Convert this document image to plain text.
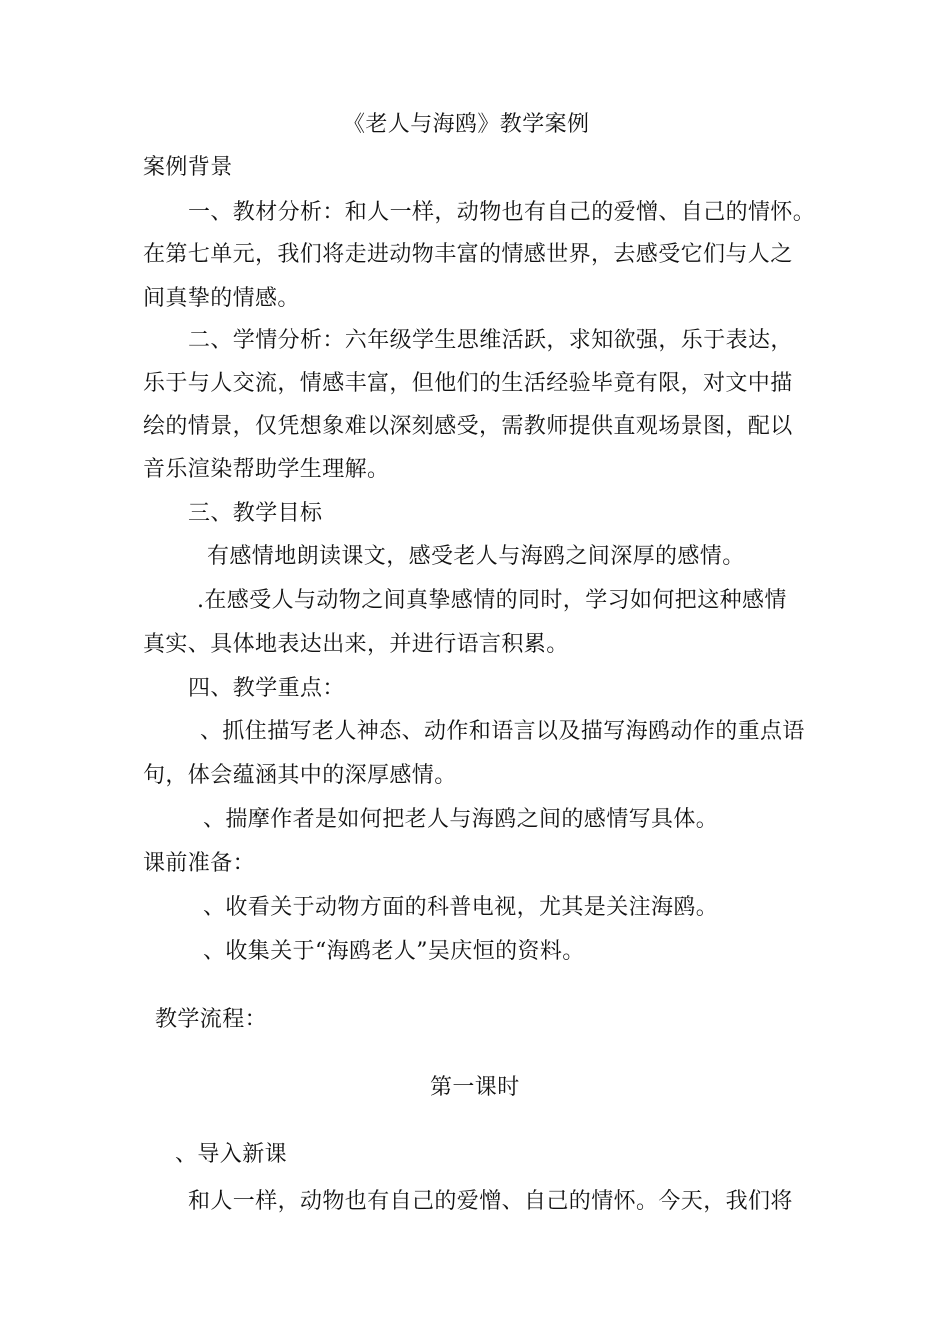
《老人与海鸥》教学案例
案例背景
一、教材分析：和人一样，动物也有自己的爱憎、自己的情怀。
在第七单元，我们将走进动物丰富的情感世界，去感受它们与人之
间真挚的情感。
二、学情分析：六年级学生思维活跃，求知欲强，乐于表达，
乐于与人交流，情感丰富，但他们的生活经验毕竟有限，对文中描
绘的情景，仅凭想象难以深刻感受，需教师提供直观场景图，配以
音乐渲染帮助学生理解。
三、教学目标
有感情地朗读课文，感受老人与海鸥之间深厚的感情。
.在感受人与动物之间真挚感情的同时，学习如何把这种感情
真实、具体地表达出来，并进行语言积累。
四、教学重点：
、抓住描写老人神态、动作和语言以及描写海鸥动作的重点语
句，体会蕴涵其中的深厚感情。
、揣摩作者是如何把老人与海鸥之间的感情写具体。
课前准备：
、收看关于动物方面的科普电视，尤其是关注海鸥。
、收集关于“海鸥老人”吴庆恒的资料。
教学流程：
第一课时
、导入新课
和人一样，动物也有自己的爱憎、自己的情怀。今天，我们将
